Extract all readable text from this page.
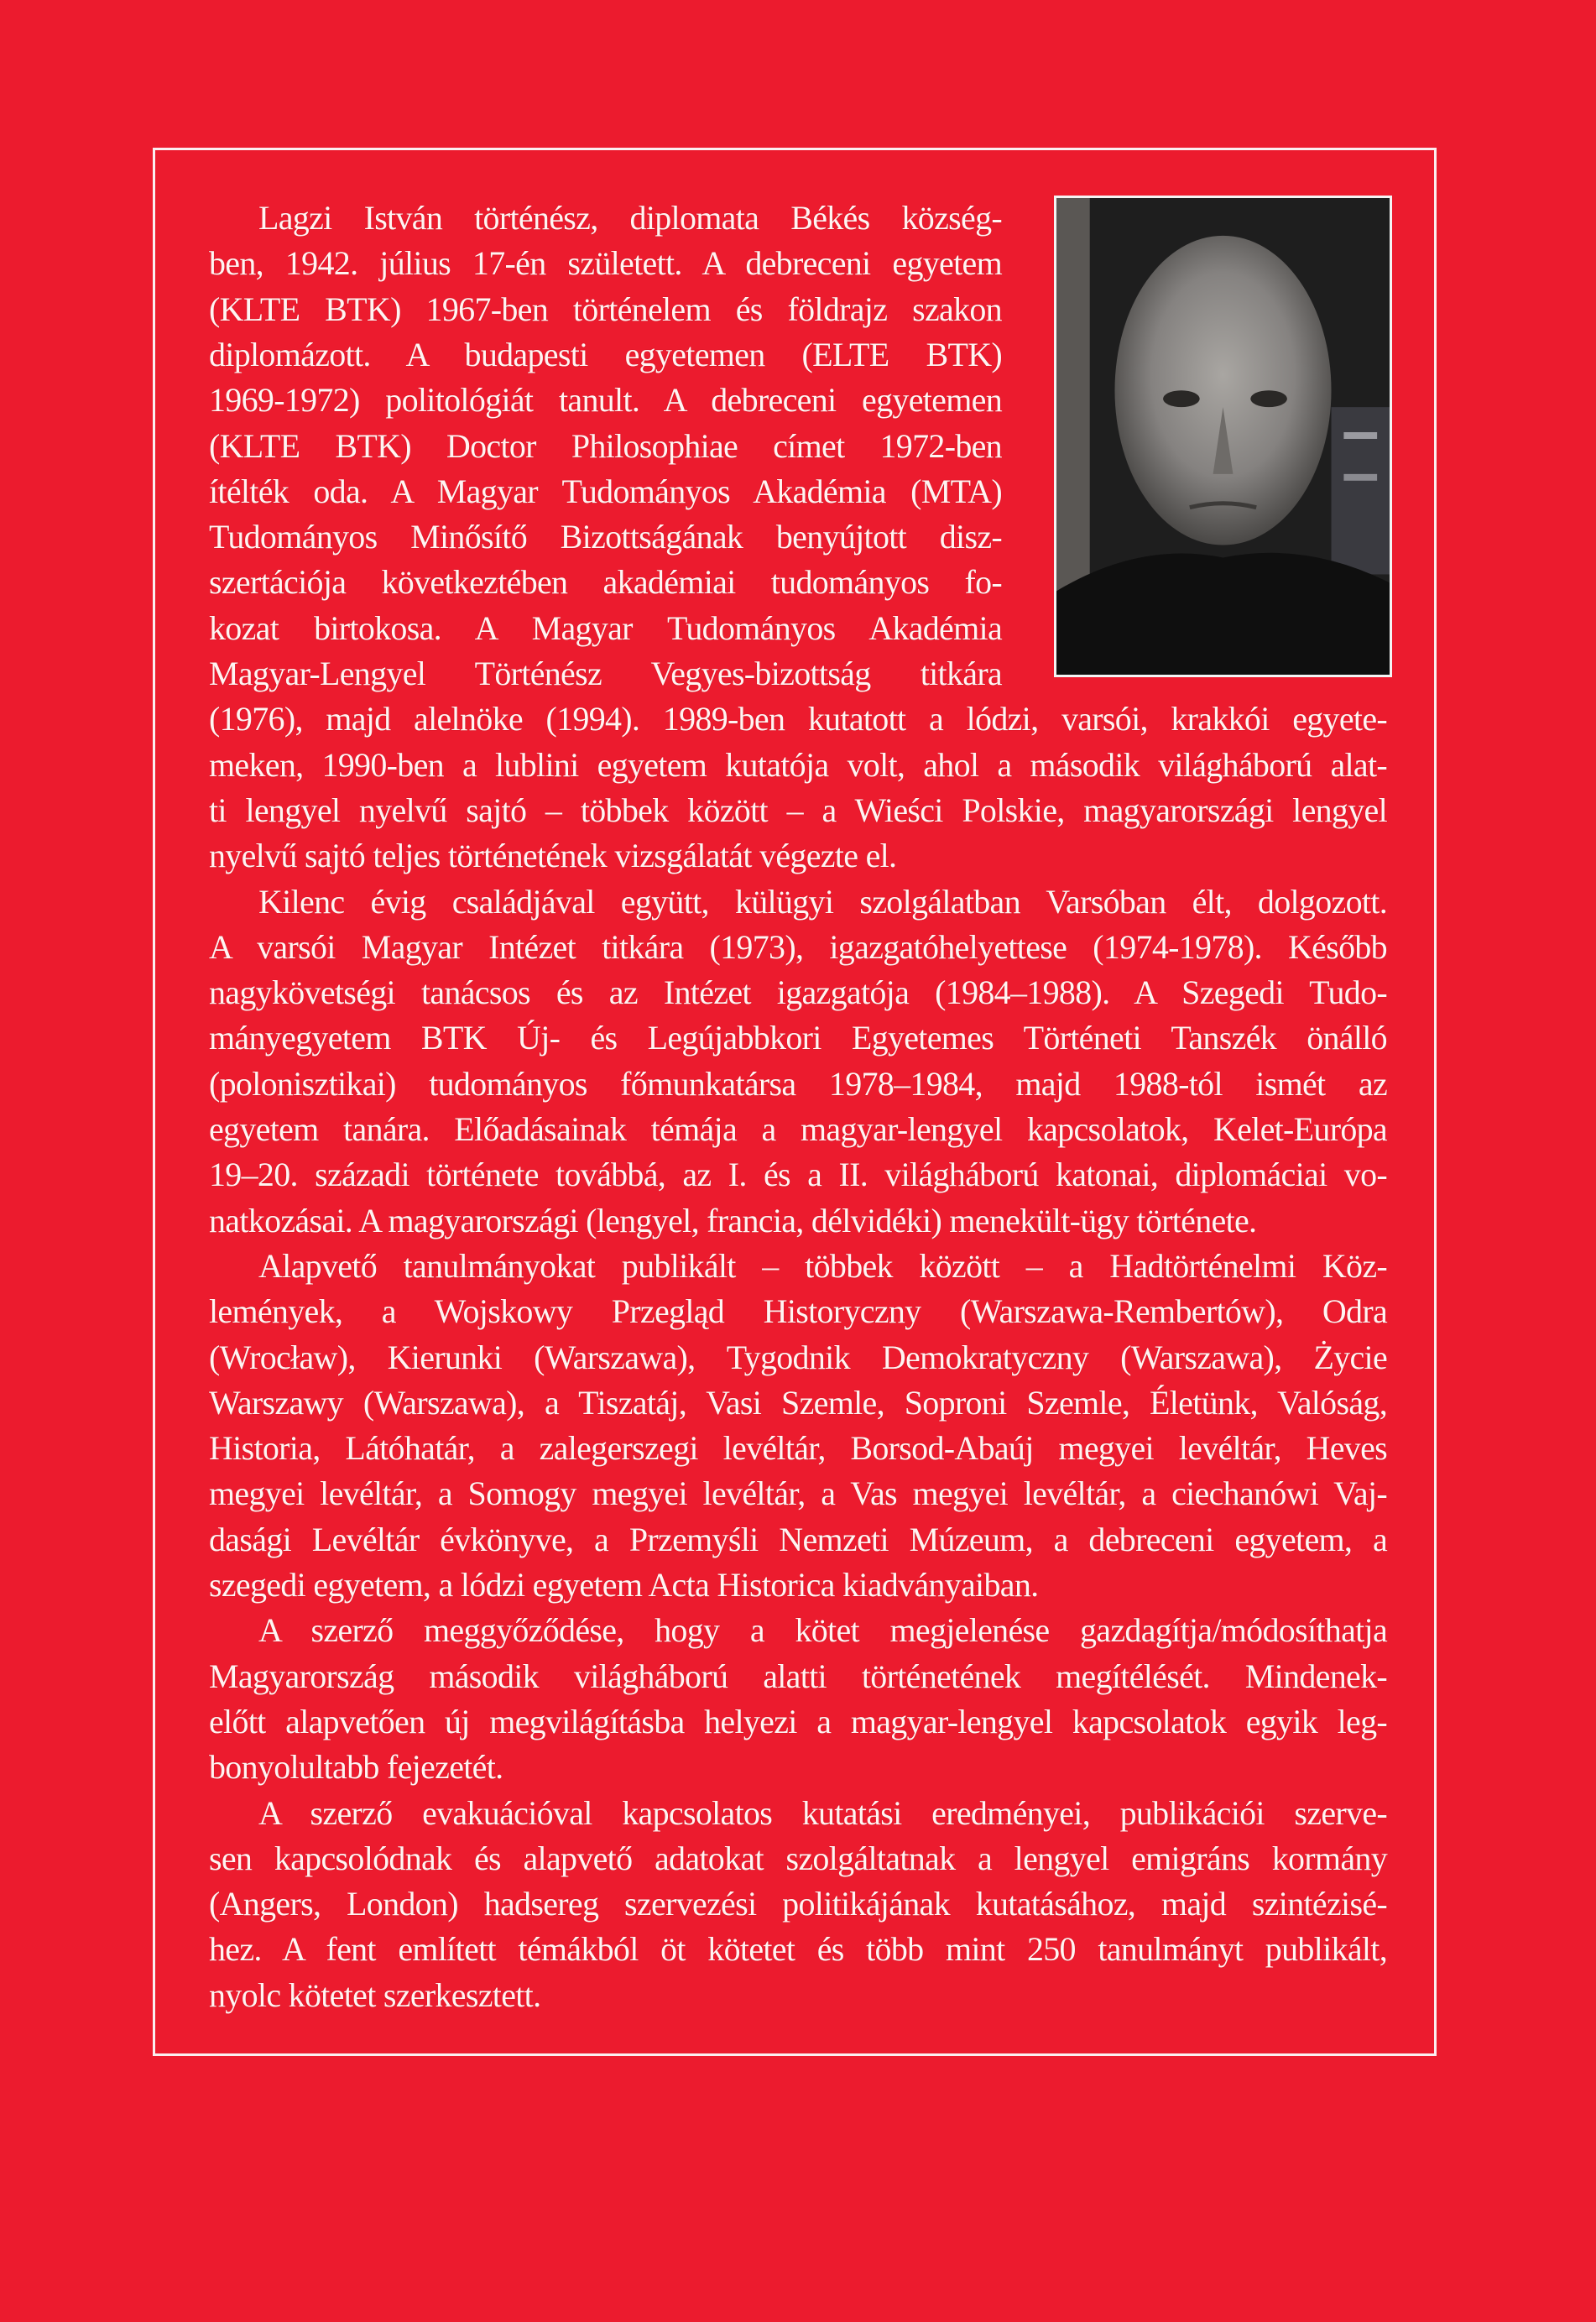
Lagzi István történész, diplomata Békés község-
ben, 1942. július 17-én született. A debreceni egyetem
(KLTE BTK) 1967-ben történelem és földrajz szakon
diplomázott. A budapesti egyetemen (ELTE BTK)
1969-1972) politológiát tanult. A debreceni egyetemen
(KLTE BTK) Doctor Philosophiae címet 1972-ben
ítélték oda. A Magyar Tudományos Akadémia (MTA)
Tudományos Minősítő Bizottságának benyújtott disz-
szertációja következtében akadémiai tudományos fo-
kozat birtokosa. A Magyar Tudományos Akadémia
Magyar-Lengyel Történész Vegyes-bizottság titkára
(1976), majd alelnöke (1994). 1989-ben kutatott a lódzi, varsói, krakkói egyete-
meken, 1990-ben a lublini egyetem kutatója volt, ahol a második világháború alat-
ti lengyel nyelvű sajtó – többek között – a Wieści Polskie, magyarországi lengyel
nyelvű sajtó teljes történetének vizsgálatát végezte el.
Kilenc évig családjával együtt, külügyi szolgálatban Varsóban élt, dolgozott.
A varsói Magyar Intézet titkára (1973), igazgatóhelyettese (1974-1978). Később
nagykövetségi tanácsos és az Intézet igazgatója (1984–1988). A Szegedi Tudo-
mányegyetem BTK Új- és Legújabbkori Egyetemes Történeti Tanszék önálló
(polonisztikai) tudományos főmunkatársa 1978–1984, majd 1988-tól ismét az
egyetem tanára. Előadásainak témája a magyar-lengyel kapcsolatok, Kelet-Európa
19–20. századi története továbbá, az I. és a II. világháború katonai, diplomáciai vo-
natkozásai. A magyarországi (lengyel, francia, délvidéki) menekült-ügy története.
Alapvető tanulmányokat publikált – többek között – a Hadtörténelmi Köz-
lemények, a Wojskowy Przegląd Historyczny (Warszawa-Rembertów), Odra
(Wrocław), Kierunki (Warszawa), Tygodnik Demokratyczny (Warszawa), Życie
Warszawy (Warszawa), a Tiszatáj, Vasi Szemle, Soproni Szemle, Életünk, Valóság,
Historia, Látóhatár, a zalegerszegi levéltár, Borsod-Abaúj megyei levéltár, Heves
megyei levéltár, a Somogy megyei levéltár, a Vas megyei levéltár, a ciechanówi Vaj-
dasági Levéltár évkönyve, a Przemyśli Nemzeti Múzeum, a debreceni egyetem, a
szegedi egyetem, a lódzi egyetem Acta Historica kiadványaiban.
A szerző meggyőződése, hogy a kötet megjelenése gazdagítja/módosíthatja
Magyarország második világháború alatti történetének megítélését. Mindenek-
előtt alapvetően új megvilágításba helyezi a magyar-lengyel kapcsolatok egyik leg-
bonyolultabb fejezetét.
A szerző evakuációval kapcsolatos kutatási eredményei, publikációi szerve-
sen kapcsolódnak és alapvető adatokat szolgáltatnak a lengyel emigráns kormány
(Angers, London) hadsereg szervezési politikájának kutatásához, majd szintézisé-
hez. A fent említett témákból öt kötetet és több mint 250 tanulmányt publikált,
nyolc kötetet szerkesztett.
